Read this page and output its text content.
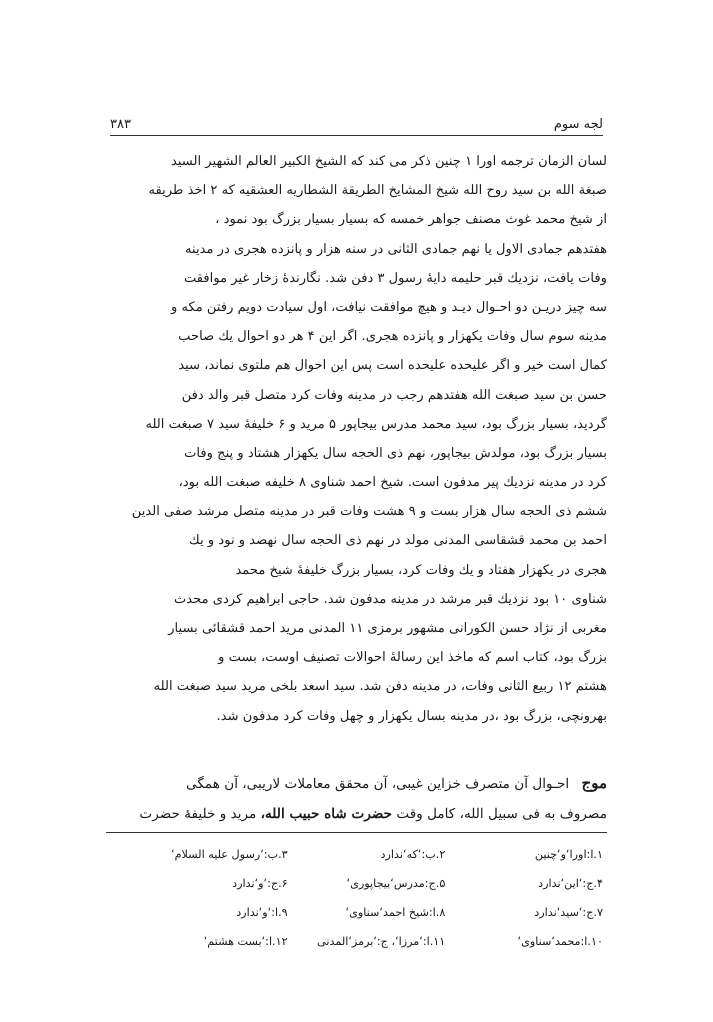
لجه سوم
۳۸۳
لسان الزمان ترجمه اورا ۱ چنین ذکر می کند که الشیخ الکبیر العالم الشهیر السید
صبغة الله بن سید روح الله شیخ المشایخ الطریقة الشطاریه العشقیه که ۲ اخذ طریقه
از شیخ محمد غوث مصنف جواهر خمسه که بسیار بسیار بزرگ بود نمود ،
هفتدهم جمادی الاول یا نهم جمادی الثانی در سنه هزار و پانزده هجری در مدینه
وفات یافت، نزدیك قبر حلیمه دایهٔ رسول ۳ دفن شد. نگارندهٔ زخار غیر موافقت
سه چیز دریـن دو احـوال دیـد و هیچ موافقت نیافت، اول سیادت دویم رفتن مکه و
مدینه سوم سال وفات یکهزار و پانزده هجری. اگر این ۴ هر دو احوال یك صاحب
کمال است خیر و اگر علیحده علیحده است پس این احوال هم ملتوی نماند، سید
حسن بن سید صبغت الله هفتدهم رجب در مدینه وفات کرد متصل قبر والد دفن
گردید، بسیار بزرگ بود، سید محمد مدرس بیجاپور ۵ مرید و ۶ خلیفهٔ سید ۷ صبغت الله
بسیار بزرگ بود، مولدش بیجاپور، نهم ذی الحجه سال یکهزار هشتاد و پنج وفات
کرد در مدینه نزدیك پیر مدفون است. شیخ احمد شناوی ۸ خلیفه صبغت الله بود،
ششم ذی الحجه سال هزار بست و ۹ هشت وفات قبر در مدینه متصل مرشد صفی الدین
احمد بن محمد قشقاسی المدنی مولد در نهم ذی الحجه سال نهصد و نود و یك
هجری در یکهزار هفتاد و یك وفات کرد، بسیار بزرگ خلیفهٔ شیخ محمد
شناوی ۱۰ بود نزدیك قبر مرشد در مدینه مدفون شد. حاجی ابراهیم کردی محدث
مغربی از نژاد حسن الکورانی مشهور برمزی ۱۱ المدنی مرید احمد قشقائی بسیار
بزرگ بود، کتاب اسم که ماخذ این رسالهٔ احوالات تصنیف اوست، بست و
هشتم ۱۲ ربیع الثانی وفات، در مدینه دفن شد. سید اسعد بلخی مرید سید صبغت الله
بهرونچی، بزرگ بود ،در مدینه بسال یکهزار و چهل وفات کرد مدفون شد.
موج احـوال آن متصرف خزاین غیبی، آن محقق معاملات لاریبی، آن همگی
مصروف به فی سبیل الله، کامل وقت حضرت شاه حبیب الله، مرید و خلیفهٔ حضرت
۱.ا:اورا‘و‘چنین
۲.ب:‘که‘ندارد
۳.ب:‘رسول علیه السلام‘
۴.ج:‘این‘ندارد
۵.ج:مدرس‘بیجاپوری‘
۶.ج:‘و‘ندارد
۷.ج:‘سید‘ندارد
۸.ا:شیخ احمد‘سناوی‘
۹.ا:‘و‘ندارد
۱۰.ا:محمد‘سناوی‘
۱۱.ا:‘مرزا‘، ج:‘برمز‘المدنی
۱۲.ا:‘بست هشتم‘
